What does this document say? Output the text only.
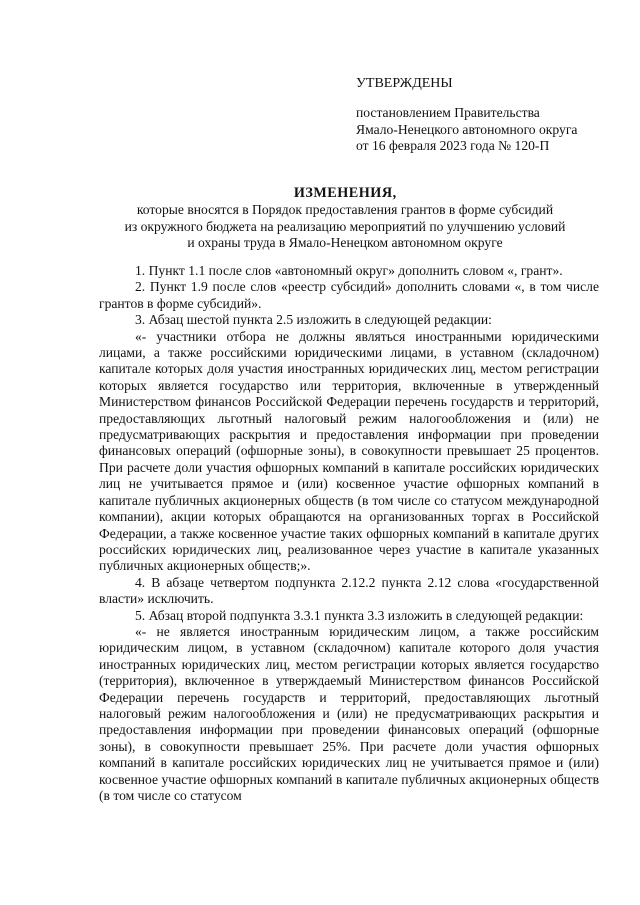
УТВЕРЖДЕНЫ
постановлением Правительства
Ямало-Ненецкого автономного округа
от 16 февраля 2023 года № 120-П
ИЗМЕНЕНИЯ,
которые вносятся в Порядок предоставления грантов в форме субсидий
из окружного бюджета на реализацию мероприятий по улучшению условий
и охраны труда в Ямало-Ненецком автономном округе

1. Пункт 1.1 после слов «автономный округ» дополнить словом «, грант».

2. Пункт 1.9 после слов «реестр субсидий» дополнить словами «, в том числе грантов в форме субсидий».

3. Абзац шестой пункта 2.5 изложить в следующей редакции:

«- участники отбора не должны являться иностранными юридическими лицами, а также российскими юридическими лицами, в уставном (складочном) капитале которых доля участия иностранных юридических лиц, местом регистрации которых является государство или территория, включенные в утвержденный Министерством финансов Российской Федерации перечень государств и территорий, предоставляющих льготный налоговый режим налогообложения и (или) не предусматривающих раскрытия и предоставления информации при проведении финансовых операций (офшорные зоны), в совокупности превышает 25 процентов. При расчете доли участия офшорных компаний в капитале российских юридических лиц не учитывается прямое и (или) косвенное участие офшорных компаний в капитале публичных акционерных обществ (в том числе со статусом международной компании), акции которых обращаются на организованных торгах в Российской Федерации, а также косвенное участие таких офшорных компаний в капитале других российских юридических лиц, реализованное через участие в капитале указанных публичных акционерных обществ;».

4. В абзаце четвертом подпункта 2.12.2 пункта 2.12 слова «государственной власти» исключить.

5. Абзац второй подпункта 3.3.1 пункта 3.3 изложить в следующей редакции:

«- не является иностранным юридическим лицом, а также российским юридическим лицом, в уставном (складочном) капитале которого доля участия иностранных юридических лиц, местом регистрации которых является государство (территория), включенное в утверждаемый Министерством финансов Российской Федерации перечень государств и территорий, предоставляющих льготный налоговый режим налогообложения и (или) не предусматривающих раскрытия и предоставления информации при проведении финансовых операций (офшорные зоны), в совокупности превышает 25%. При расчете доли участия офшорных компаний в капитале российских юридических лиц не учитывается прямое и (или) косвенное участие офшорных компаний в капитале публичных акционерных обществ (в том числе со статусом
